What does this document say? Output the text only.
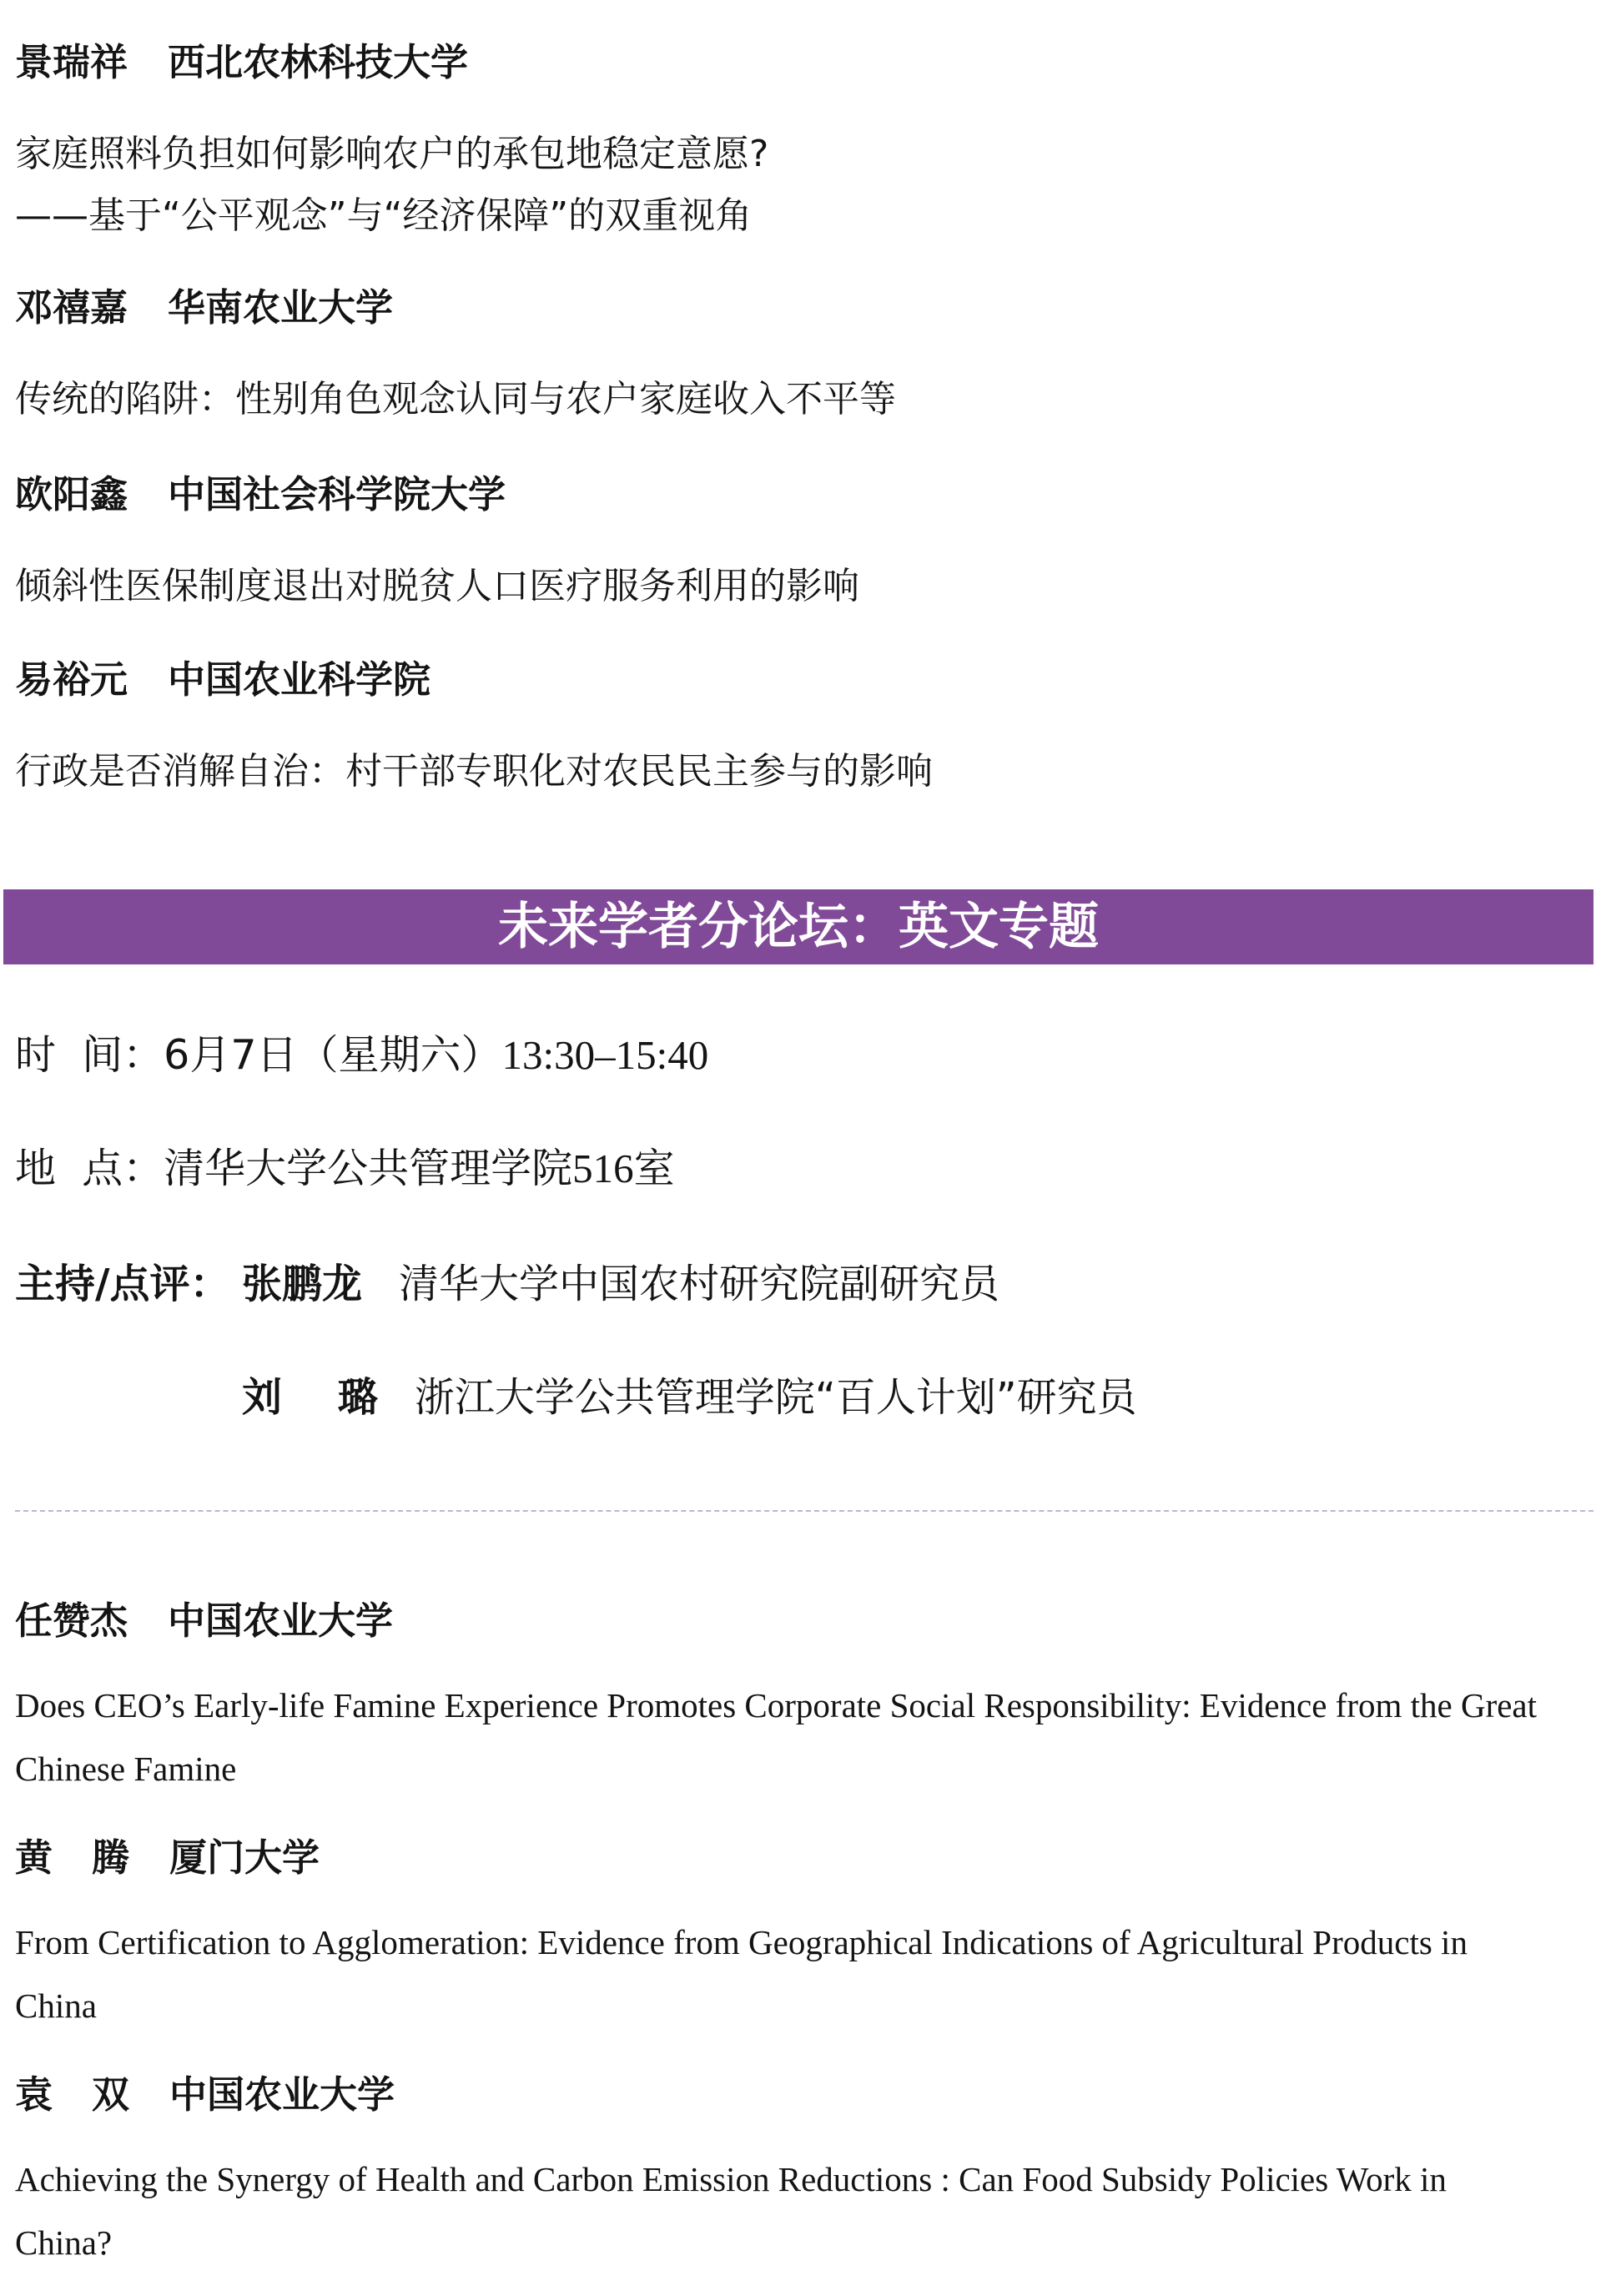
景瑞祥 西北农林科技大学
家庭照料负担如何影响农户的承包地稳定意愿?
——基于“公平观念”与“经济保障”的双重视角
邓禧嘉 华南农业大学
传统的陷阱：性别角色观念认同与农户家庭收入不平等
欧阳鑫 中国社会科学院大学
倾斜性医保制度退出对脱贫人口医疗服务利用的影响
易裕元 中国农业科学院
行政是否消解自治：村干部专职化对农民民主参与的影响
未来学者分论坛：英文专题
时  间：6月7日（星期六）13:30–15:40
地  点：清华大学公共管理学院516室
主持/点评： 张鹏龙 清华大学中国农村研究院副研究员
刘    璐 浙江大学公共管理学院“百人计划”研究员
任赞杰 中国农业大学
Does CEO’s Early-life Famine Experience Promotes Corporate Social Responsibility: Evidence from the Great Chinese Famine
黄   腾 厦门大学
From Certification to Agglomeration: Evidence from Geographical Indications of Agricultural Products in China
袁   双 中国农业大学
Achieving the Synergy of Health and Carbon Emission Reductions : Can Food Subsidy Policies Work in China?
